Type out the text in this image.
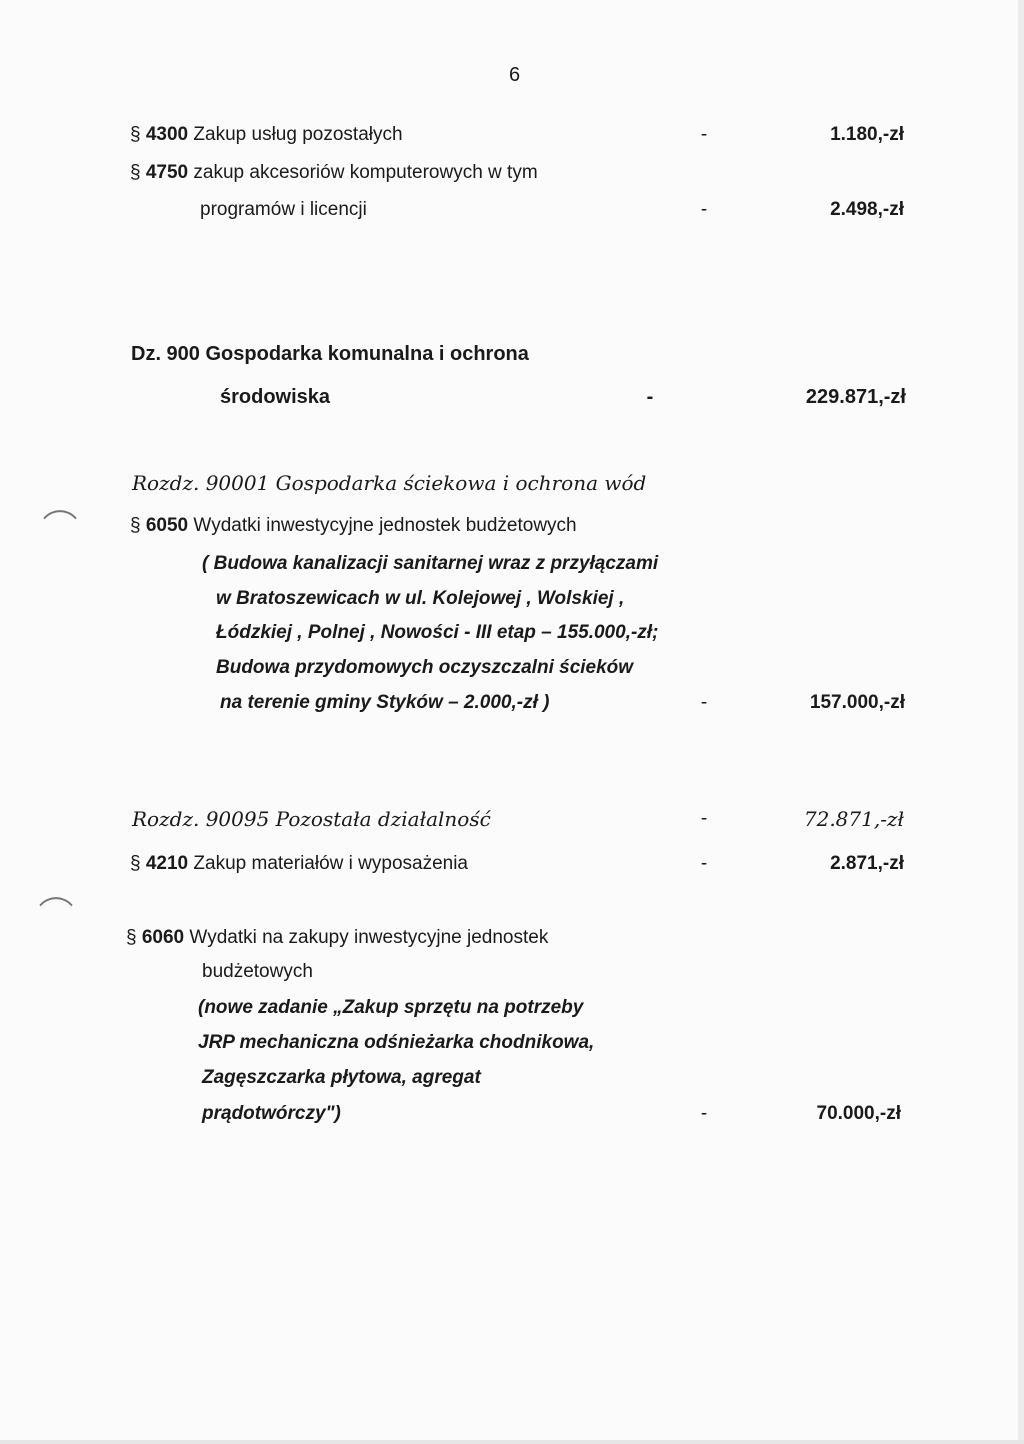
6
§ 4300 Zakup usług pozostałych	-	1.180,-zł
§ 4750 zakup akcesoriów komputerowych w tym
programów i licencji	-	2.498,-zł
Dz. 900 Gospodarka komunalna i ochrona
środowiska	-	229.871,-zł
Rozdz. 90001 Gospodarka ściekowa i ochrona wód
§ 6050 Wydatki inwestycyjne jednostek budżetowych
( Budowa kanalizacji sanitarnej wraz z przyłączami
w Bratoszewicach w ul. Kolejowej , Wolskiej ,
Łódzkiej , Polnej , Nowości - III etap – 155.000,-zł;
Budowa przydomowych oczyszczalni ścieków
na terenie gminy Styków – 2.000,-zł )	-	157.000,-zł
Rozdz. 90095 Pozostała działalność	-	72.871,-zł
§ 4210 Zakup materiałów i wyposażenia	-	2.871,-zł
§ 6060 Wydatki na zakupy inwestycyjne jednostek
budżetowych
(nowe zadanie „Zakup sprzętu na potrzeby
JRP mechaniczna odśnieżarka chodnikowa,
Zagęszczarka płytowa, agregat
prądotwórczy")	-	70.000,-zł
